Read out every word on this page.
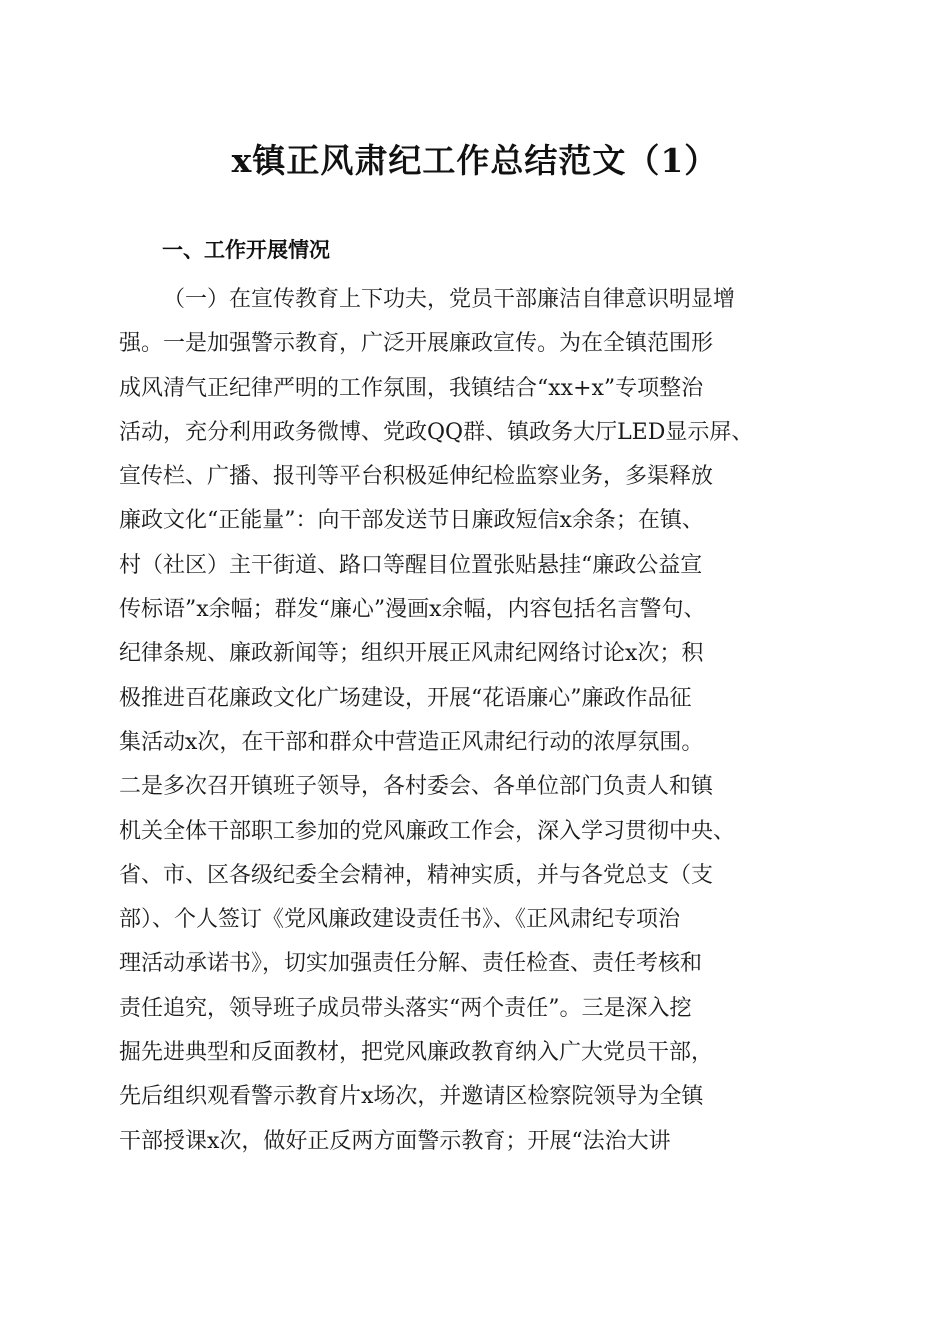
x镇正风肃纪工作总结范文（1）
一、工作开展情况
（一）在宣传教育上下功夫，党员干部廉洁自律意识明显增
强。一是加强警示教育，广泛开展廉政宣传。为在全镇范围形
成风清气正纪律严明的工作氛围，我镇结合“xx+x”专项整治
活动，充分利用政务微博、党政QQ群、镇政务大厅LED显示屏、
宣传栏、广播、报刊等平台积极延伸纪检监察业务，多渠释放
廉政文化“正能量”：向干部发送节日廉政短信x余条；在镇、
村（社区）主干街道、路口等醒目位置张贴悬挂“廉政公益宣
传标语”x余幅；群发“廉心”漫画x余幅，内容包括名言警句、
纪律条规、廉政新闻等；组织开展正风肃纪网络讨论x次；积
极推进百花廉政文化广场建设，开展“花语廉心”廉政作品征
集活动x次，在干部和群众中营造正风肃纪行动的浓厚氛围。
二是多次召开镇班子领导，各村委会、各单位部门负责人和镇
机关全体干部职工参加的党风廉政工作会，深入学习贯彻中央、
省、市、区各级纪委全会精神，精神实质，并与各党总支（支
部）、个人签订《党风廉政建设责任书》、《正风肃纪专项治
理活动承诺书》，切实加强责任分解、责任检查、责任考核和
责任追究，领导班子成员带头落实“两个责任”。三是深入挖
掘先进典型和反面教材，把党风廉政教育纳入广大党员干部，
先后组织观看警示教育片x场次，并邀请区检察院领导为全镇
干部授课x次，做好正反两方面警示教育；开展“法治大讲
